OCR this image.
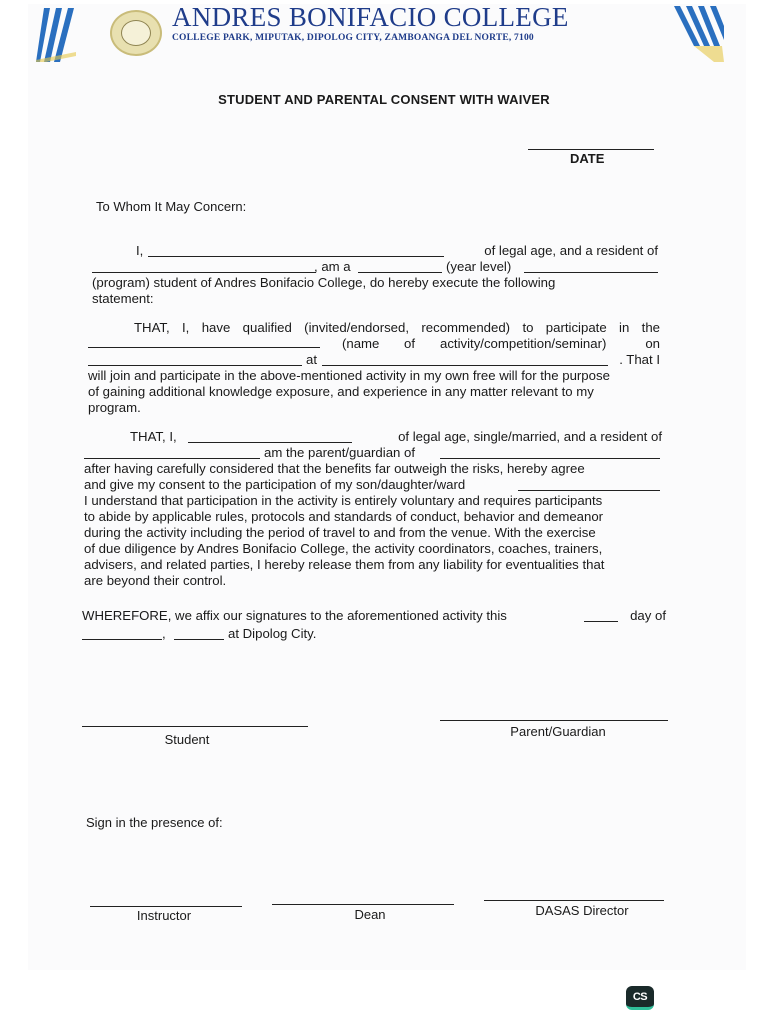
ANDRES BONIFACIO COLLEGE
COLLEGE PARK, MIPUTAK, DIPOLOG CITY, ZAMBOANGA DEL NORTE, 7100
STUDENT AND PARENTAL CONSENT WITH WAIVER
DATE
To Whom It May Concern:
I,	of legal age, and a resident of
, am a	(year level)
(program) student of Andres Bonifacio College, do hereby execute the following
statement:
THAT, I, have qualified (invited/endorsed, recommended) to participate in the
(name of activity/competition/seminar)	on
at	. That I
will join and participate in the above-mentioned activity in my own free will for the purpose
of gaining additional knowledge exposure, and experience in any matter relevant to my
program.
THAT, I,	of legal age, single/married, and a resident of
am the parent/guardian of
after having carefully considered that the benefits far outweigh the risks, hereby agree
and give my consent to the participation of my son/daughter/ward
I understand that participation in the activity is entirely voluntary and requires participants
to abide by applicable rules, protocols and standards of conduct, behavior and demeanor
during the activity including the period of travel to and from the venue. With the exercise
of due diligence by Andres Bonifacio College, the activity coordinators, coaches, trainers,
advisers, and related parties, I hereby release them from any liability for eventualities that
are beyond their control.
WHEREFORE, we affix our signatures to the aforementioned activity this	day of
,	at Dipolog City.
Student
Parent/Guardian
Sign in the presence of:
Instructor	Dean	DASAS Director
CS
